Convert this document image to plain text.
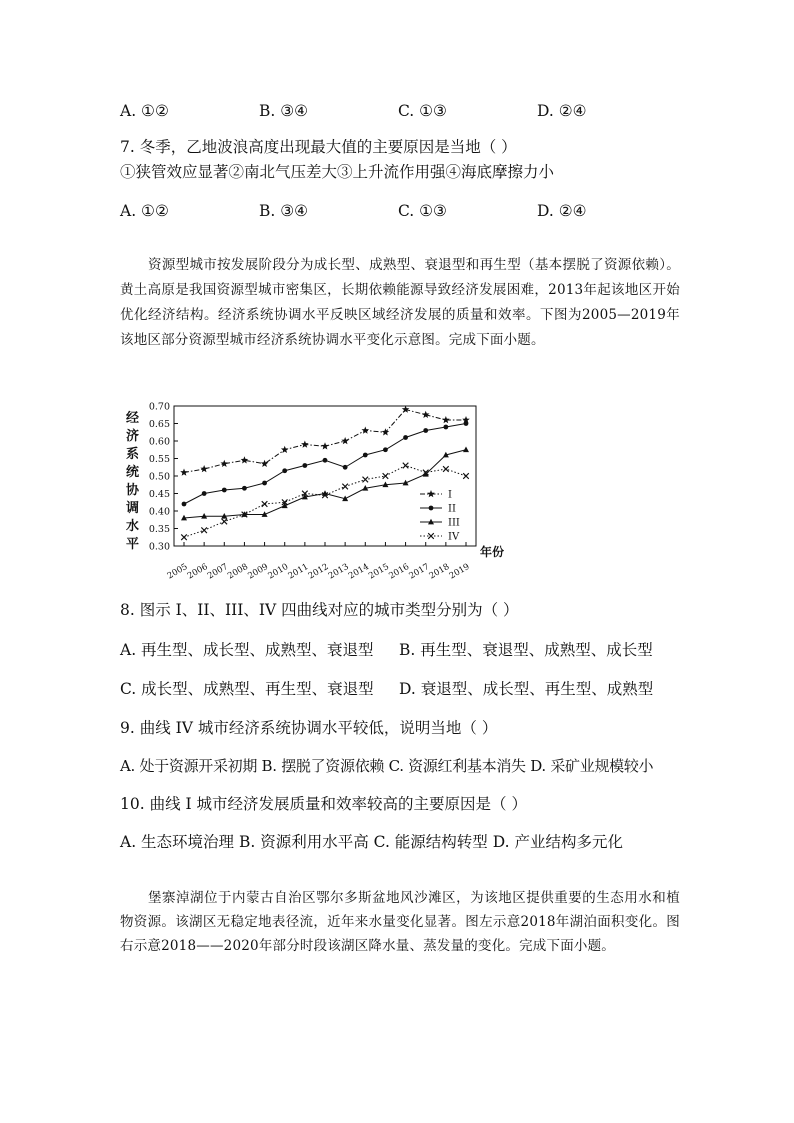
A. ①②	B. ③④	C. ①③	D. ②④
7. 冬季，乙地波浪高度出现最大值的主要原因是当地（ ）
①狭管效应显著②南北气压差大③上升流作用强④海底摩擦力小
A. ①②	B. ③④	C. ①③	D. ②④
资源型城市按发展阶段分为成长型、成熟型、衰退型和再生型（基本摆脱了资源依赖）。黄土高原是我国资源型城市密集区，长期依赖能源导致经济发展困难，2013年起该地区开始优化经济结构。经济系统协调水平反映区域经济发展的质量和效率。下图为2005—2019年该地区部分资源型城市经济系统协调水平变化示意图。完成下面小题。
经
济
系
统
协
调
水
平
0.70
0.65
0.60
0.55
0.50
0.45
0.40
0.35
0.30
2005
2006
2007
2008
2009
2010
2011
2012
2013
2014
2015
2016
2017
2018
2019
I
II
III
IV
年份
8. 图示 I、II、III、IV 四曲线对应的城市类型分别为（ ）
A. 再生型、成长型、成熟型、衰退型 B. 再生型、衰退型、成熟型、成长型
C. 成长型、成熟型、再生型、衰退型 D. 衰退型、成长型、再生型、成熟型
9. 曲线 IV 城市经济系统协调水平较低，说明当地（ ）
A. 处于资源开采初期 B. 摆脱了资源依赖 C. 资源红利基本消失 D. 采矿业规模较小
10. 曲线 I 城市经济发展质量和效率较高的主要原因是（ ）
A. 生态环境治理 B. 资源利用水平高 C. 能源结构转型 D. 产业结构多元化
堡寨淖湖位于内蒙古自治区鄂尔多斯盆地风沙滩区，为该地区提供重要的生态用水和植物资源。该湖区无稳定地表径流，近年来水量变化显著。图左示意2018年湖泊面积变化。图右示意2018——2020年部分时段该湖区降水量、蒸发量的变化。完成下面小题。
